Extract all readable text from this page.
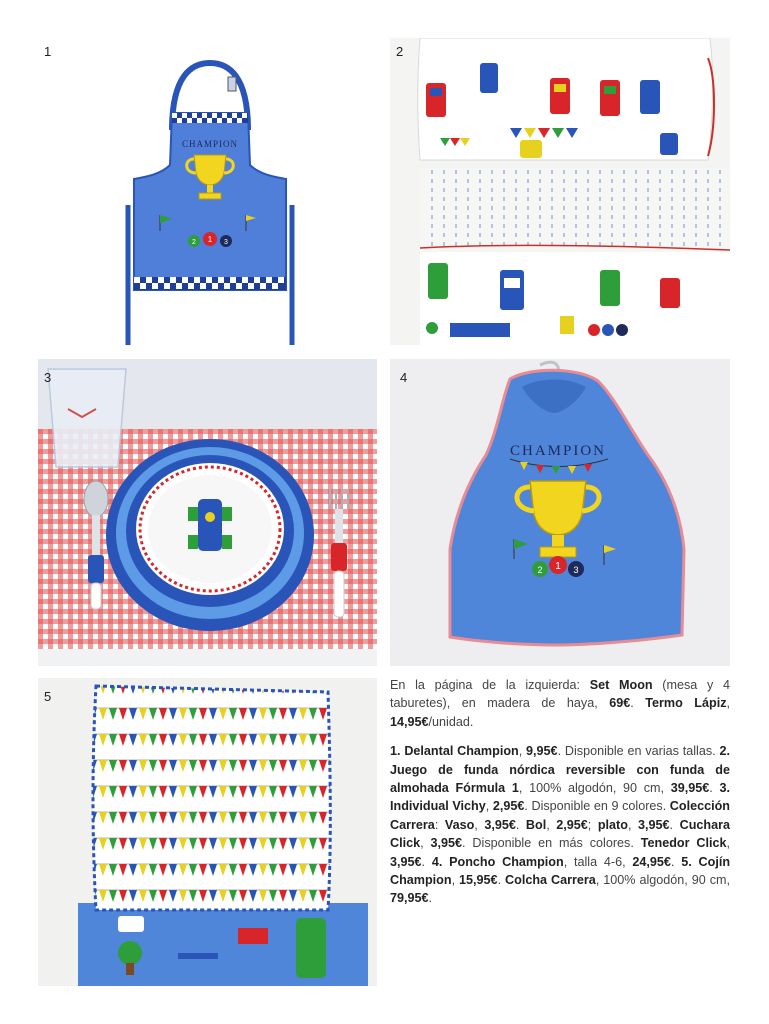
1
CHAMPION
2 1 3
2
3
CHAMPION
2 1 3
4
5

En la página de la izquierda: Set Moon (mesa y 4 taburetes), en madera de haya, 69€. Termo Lápiz, 14,95€/unidad.

1. Delantal Champion, 9,95€. Disponible en varias tallas. 2. Juego de funda nórdica reversible con funda de almohada Fórmula 1, 100% algodón, 90 cm, 39,95€. 3. Individual Vichy, 2,95€. Disponible en 9 colores. Colección Carrera: Vaso, 3,95€. Bol, 2,95€; plato, 3,95€. Cuchara Click, 3,95€. Disponible en más colores. Tenedor Click, 3,95€. 4. Poncho Champion, talla 4-6, 24,95€. 5. Cojín Champion, 15,95€. Colcha Carrera, 100% algodón, 90 cm, 79,95€.
